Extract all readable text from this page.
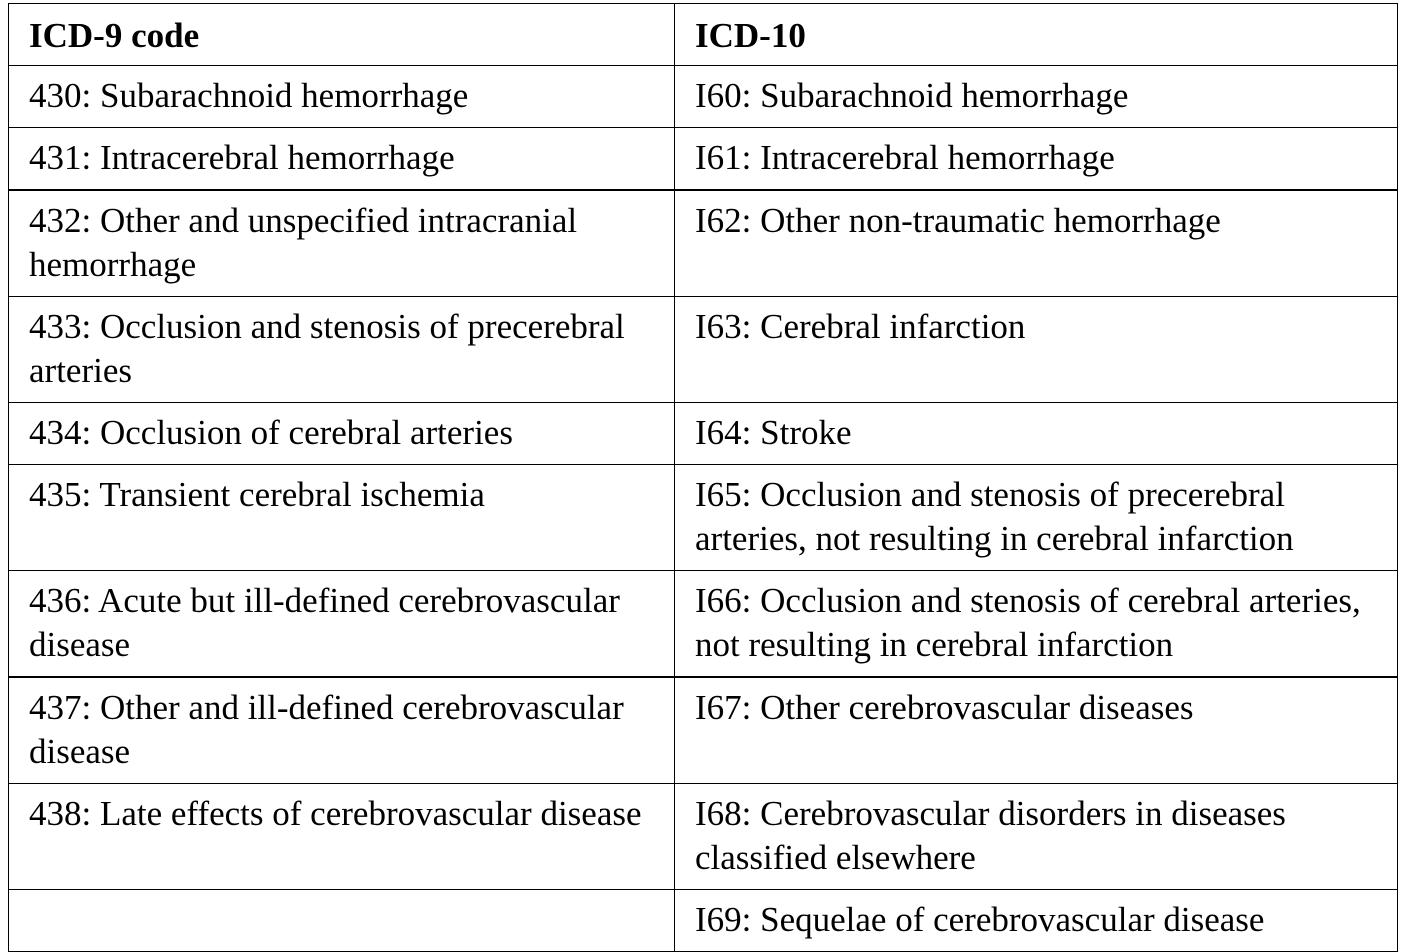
ICD-9 code	ICD-10
430: Subarachnoid hemorrhage	I60: Subarachnoid hemorrhage
431: Intracerebral hemorrhage	I61: Intracerebral hemorrhage
432: Other and unspecified intracranial hemorrhage	I62: Other non-traumatic hemorrhage
433: Occlusion and stenosis of precerebral arteries	I63: Cerebral infarction
434: Occlusion of cerebral arteries	I64: Stroke
435: Transient cerebral ischemia	I65: Occlusion and stenosis of precerebral arteries, not resulting in cerebral infarction
436: Acute but ill-defined cerebrovascular disease	I66: Occlusion and stenosis of cerebral arteries, not resulting in cerebral infarction
437: Other and ill-defined cerebrovascular disease	I67: Other cerebrovascular diseases
438: Late effects of cerebrovascular disease	I68: Cerebrovascular disorders in diseases classified elsewhere
	I69: Sequelae of cerebrovascular disease
